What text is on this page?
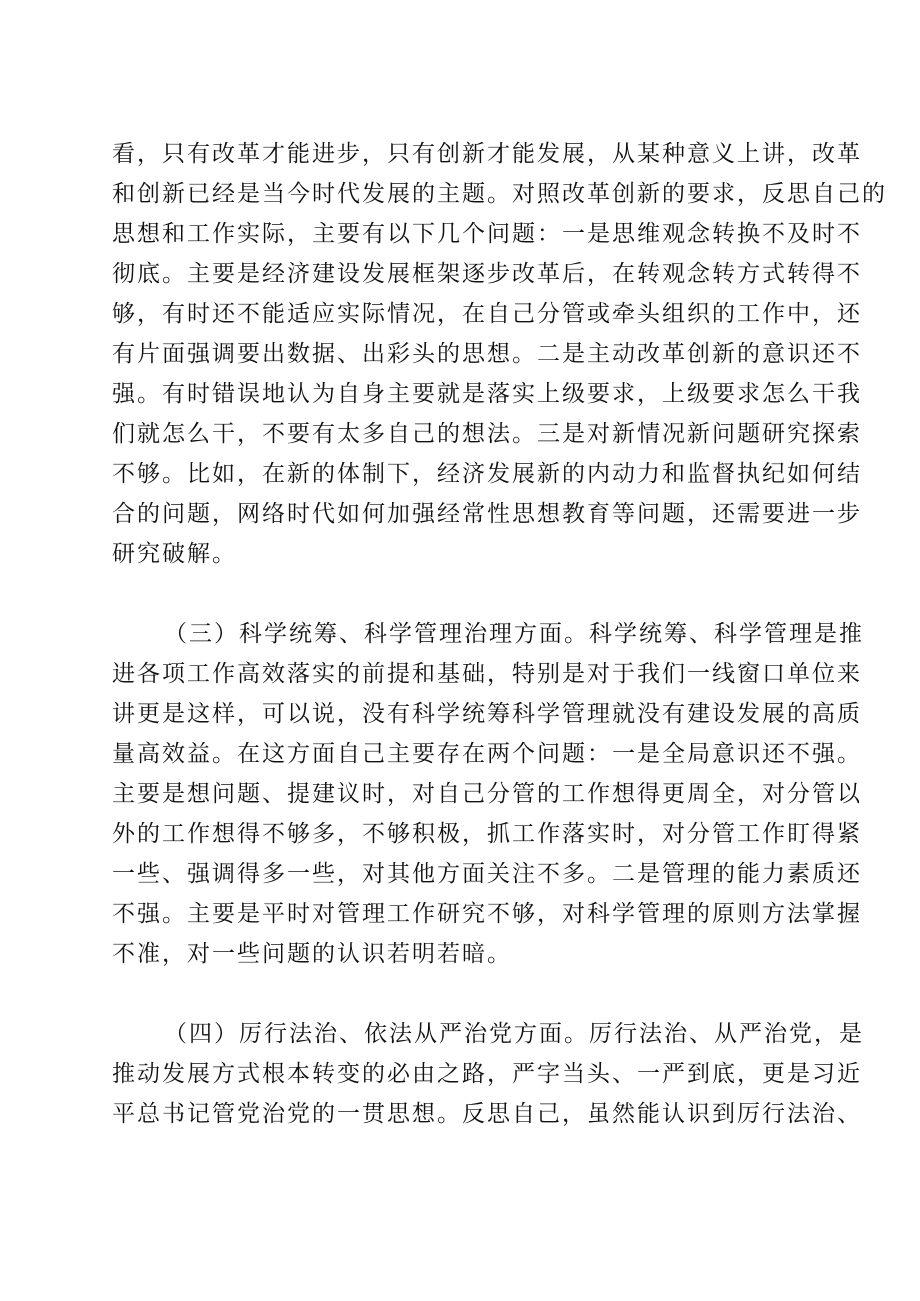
看，只有改革才能进步，只有创新才能发展，从某种意义上讲，改革
和创新已经是当今时代发展的主题。对照改革创新的要求，反思自己的
思想和工作实际，主要有以下几个问题：一是思维观念转换不及时不
彻底。主要是经济建设发展框架逐步改革后，在转观念转方式转得不
够，有时还不能适应实际情况，在自己分管或牵头组织的工作中，还
有片面强调要出数据、出彩头的思想。二是主动改革创新的意识还不
强。有时错误地认为自身主要就是落实上级要求，上级要求怎么干我
们就怎么干，不要有太多自己的想法。三是对新情况新问题研究探索
不够。比如，在新的体制下，经济发展新的内动力和监督执纪如何结
合的问题，网络时代如何加强经常性思想教育等问题，还需要进一步
研究破解。
（三）科学统筹、科学管理治理方面。科学统筹、科学管理是推
进各项工作高效落实的前提和基础，特别是对于我们一线窗口单位来
讲更是这样，可以说，没有科学统筹科学管理就没有建设发展的高质
量高效益。在这方面自己主要存在两个问题：一是全局意识还不强。
主要是想问题、提建议时，对自己分管的工作想得更周全，对分管以
外的工作想得不够多，不够积极，抓工作落实时，对分管工作盯得紧
一些、强调得多一些，对其他方面关注不多。二是管理的能力素质还
不强。主要是平时对管理工作研究不够，对科学管理的原则方法掌握
不准，对一些问题的认识若明若暗。
（四）厉行法治、依法从严治党方面。厉行法治、从严治党，是
推动发展方式根本转变的必由之路，严字当头、一严到底，更是习近
平总书记管党治党的一贯思想。反思自己，虽然能认识到厉行法治、
